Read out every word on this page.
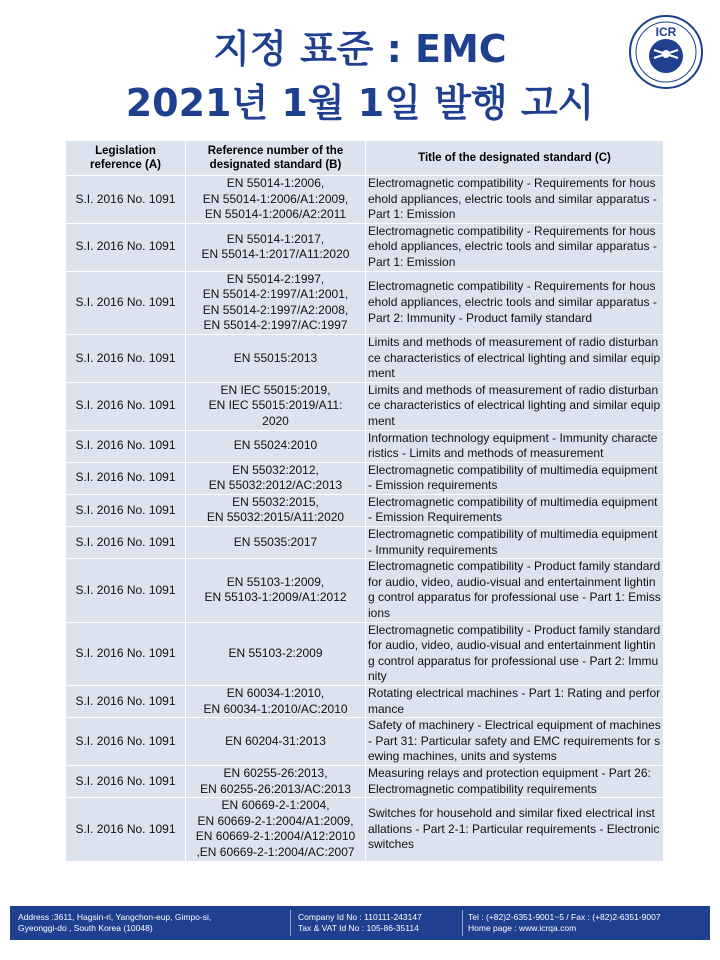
지정 표준 : EMC
2021년 1월 1일 발행 고시
ICR
Legislation reference (A)	Reference number of the designated standard (B)	Title of the designated standard (C)
S.I. 2016 No. 1091	EN 55014-1:2006,
EN 55014-1:2006/A1:2009,
EN 55014-1:2006/A2:2011	Electromagnetic compatibility - Requirements for household appliances, electric tools and similar apparatus - Part 1: Emission
S.I. 2016 No. 1091	EN 55014-1:2017,
EN 55014-1:2017/A11:2020	Electromagnetic compatibility - Requirements for household appliances, electric tools and similar apparatus - Part 1: Emission
S.I. 2016 No. 1091	EN 55014-2:1997,
EN 55014-2:1997/A1:2001,
EN 55014-2:1997/A2:2008,
EN 55014-2:1997/AC:1997	Electromagnetic compatibility - Requirements for household appliances, electric tools and similar apparatus - Part 2: Immunity - Product family standard
S.I. 2016 No. 1091	EN 55015:2013	Limits and methods of measurement of radio disturbance characteristics of electrical lighting and similar equipment
S.I. 2016 No. 1091	EN IEC 55015:2019,
EN IEC 55015:2019/A11:
2020	Limits and methods of measurement of radio disturbance characteristics of electrical lighting and similar equipment
S.I. 2016 No. 1091	EN 55024:2010	Information technology equipment - Immunity characteristics - Limits and methods of measurement
S.I. 2016 No. 1091	EN 55032:2012,
EN 55032:2012/AC:2013	Electromagnetic compatibility of multimedia equipment - Emission requirements
S.I. 2016 No. 1091	EN 55032:2015,
EN 55032:2015/A11:2020	Electromagnetic compatibility of multimedia equipment - Emission Requirements
S.I. 2016 No. 1091	EN 55035:2017	Electromagnetic compatibility of multimedia equipment - Immunity requirements
S.I. 2016 No. 1091	EN 55103-1:2009,
EN 55103-1:2009/A1:2012	Electromagnetic compatibility - Product family standard for audio, video, audio-visual and entertainment lighting control apparatus for professional use - Part 1: Emissions
S.I. 2016 No. 1091	EN 55103-2:2009	Electromagnetic compatibility - Product family standard for audio, video, audio-visual and entertainment lighting control apparatus for professional use - Part 2: Immunity
S.I. 2016 No. 1091	EN 60034-1:2010,
EN 60034-1:2010/AC:2010	Rotating electrical machines - Part 1: Rating and performance
S.I. 2016 No. 1091	EN 60204-31:2013	Safety of machinery - Electrical equipment of machines - Part 31: Particular safety and EMC requirements for sewing machines, units and systems
S.I. 2016 No. 1091	EN 60255-26:2013,
EN 60255-26:2013/AC:2013	Measuring relays and protection equipment - Part 26: Electromagnetic compatibility requirements
S.I. 2016 No. 1091	EN 60669-2-1:2004,
EN 60669-2-1:2004/A1:2009,
EN 60669-2-1:2004/A12:2010
,EN 60669-2-1:2004/AC:2007	Switches for household and similar fixed electrical installations - Part 2-1: Particular requirements - Electronic switches
Address :3611, Hagsin-ri, Yangchon-eup, Gimpo-si,
Gyeonggi-do , South Korea (10048)
Company Id No : 110111-243147
Tax & VAT Id No : 105-86-35114
Tel : (+82)2-6351-9001~5 / Fax : (+82)2-6351-9007
Home page : www.icrqa.com
